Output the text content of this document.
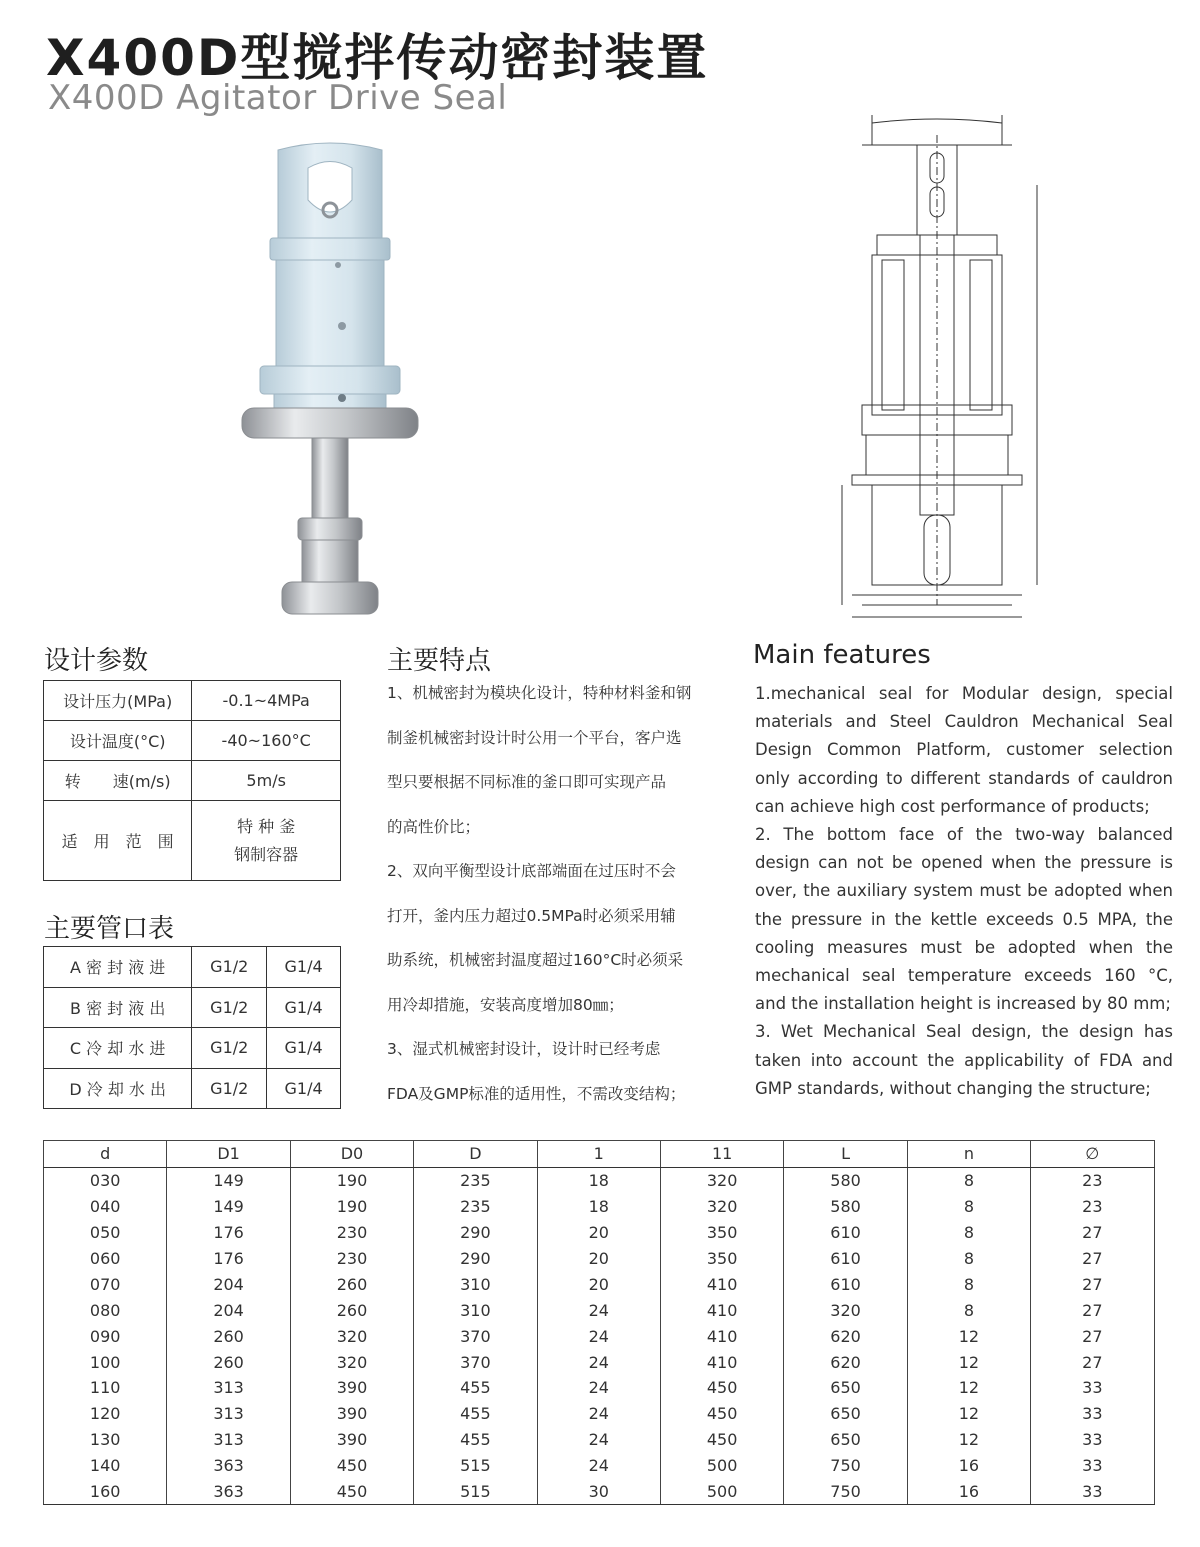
X400D型搅拌传动密封装置
X400D Agitator Drive Seal
设计参数
设计压力(MPa)	-0.1~4MPa
设计温度(°C)	-40~160°C
转　　速(m/s)	5m/s
适　用　范　围	特 种 釜
钢制容器
主要管口表
A 密 封 液 进	G1/2	G1/4
B 密 封 液 出	G1/2	G1/4
C 冷 却 水 进	G1/2	G1/4
D 冷 却 水 出	G1/2	G1/4
主要特点

1、机械密封为模块化设计，特种材料釜和钢

制釜机械密封设计时公用一个平台，客户选

型只要根据不同标准的釜口即可实现产品

的高性价比；

2、双向平衡型设计底部端面在过压时不会

打开，釜内压力超过0.5MPa时必须采用辅

助系统，机械密封温度超过160°C时必须采

用冷却措施，安装高度增加80㎜；

3、湿式机械密封设计，设计时已经考虑

FDA及GMP标准的适用性，不需改变结构；

Main features

1.mechanical seal for Modular design, special materials and Steel Cauldron Mechanical Seal Design Common Platform, customer selection only according to different standards of cauldron can achieve high cost performance of products;

2. The bottom face of the two-way balanced design can not be opened when the pressure is over, the auxiliary system must be adopted when the pressure in the kettle exceeds 0.5 MPA, the cooling measures must be adopted when the mechanical seal temperature exceeds 160 °C, and the installation height is increased by 80 mm;

3. Wet Mechanical Seal design, the design has taken into account the applicability of FDA and GMP standards, without changing the structure;

d	D1	D0	D	1	11	L	n	∅
030	149	190	235	18	320	580	8	23
040	149	190	235	18	320	580	8	23
050	176	230	290	20	350	610	8	27
060	176	230	290	20	350	610	8	27
070	204	260	310	20	410	610	8	27
080	204	260	310	24	410	320	8	27
090	260	320	370	24	410	620	12	27
100	260	320	370	24	410	620	12	27
110	313	390	455	24	450	650	12	33
120	313	390	455	24	450	650	12	33
130	313	390	455	24	450	650	12	33
140	363	450	515	24	500	750	16	33
160	363	450	515	30	500	750	16	33
